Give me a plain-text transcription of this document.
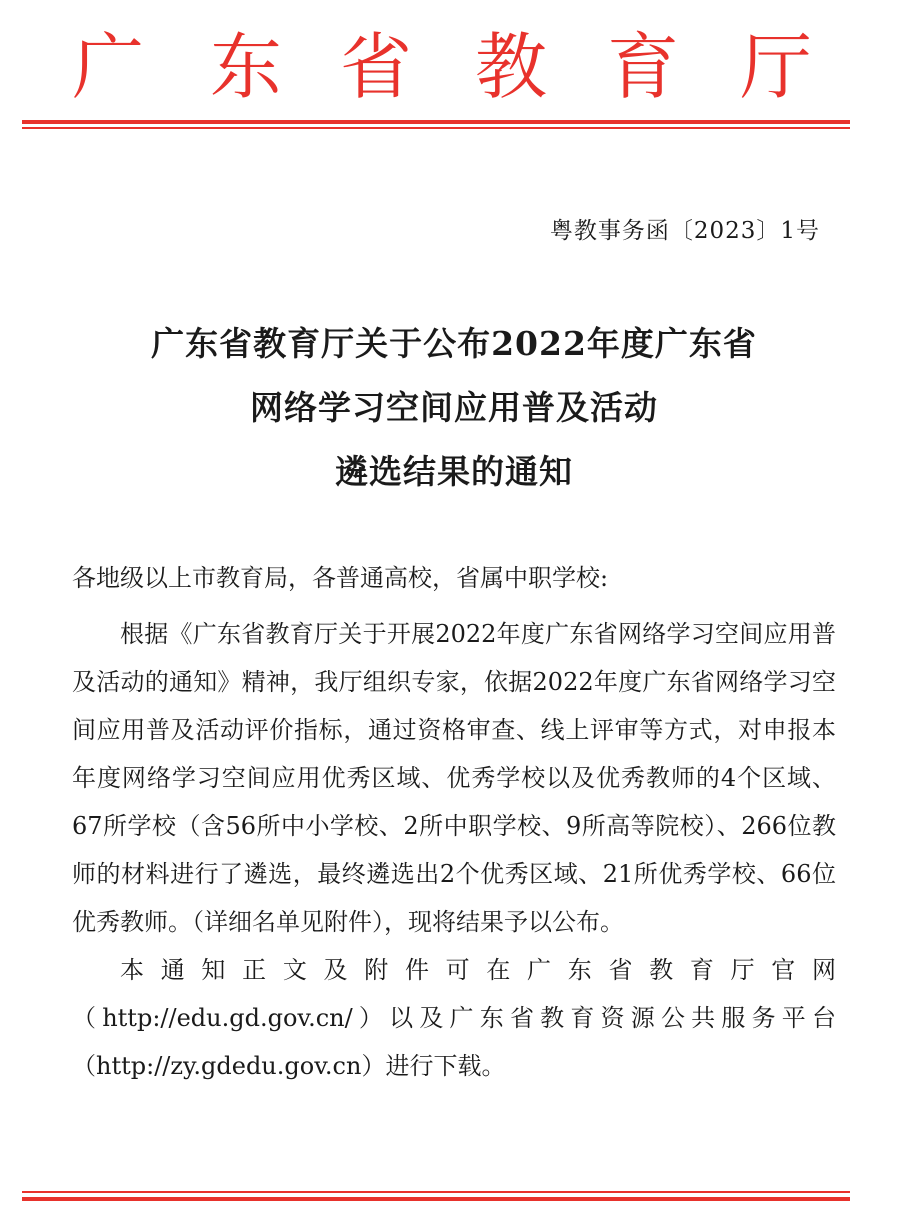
广 东 省 教 育 厅
粤教事务函〔2023〕1号
广东省教育厅关于公布2022年度广东省
网络学习空间应用普及活动
遴选结果的通知
各地级以上市教育局，各普通高校，省属中职学校:

根据《广东省教育厅关于开展2022年度广东省网络学习空间应用普及活动的通知》精神，我厅组织专家，依据2022年度广东省网络学习空间应用普及活动评价指标，通过资格审查、线上评审等方式，对申报本年度网络学习空间应用优秀区域、优秀学校以及优秀教师的4个区域、67所学校（含56所中小学校、2所中职学校、9所高等院校）、266位教师的材料进行了遴选，最终遴选出2个优秀区域、21所优秀学校、66位优秀教师。（详细名单见附件），现将结果予以公布。

本通知正文及附件可在广东省教育厅官网（http://edu.gd.gov.cn/）以及广东省教育资源公共服务平台（http://zy.gdedu.gov.cn）进行下载。
